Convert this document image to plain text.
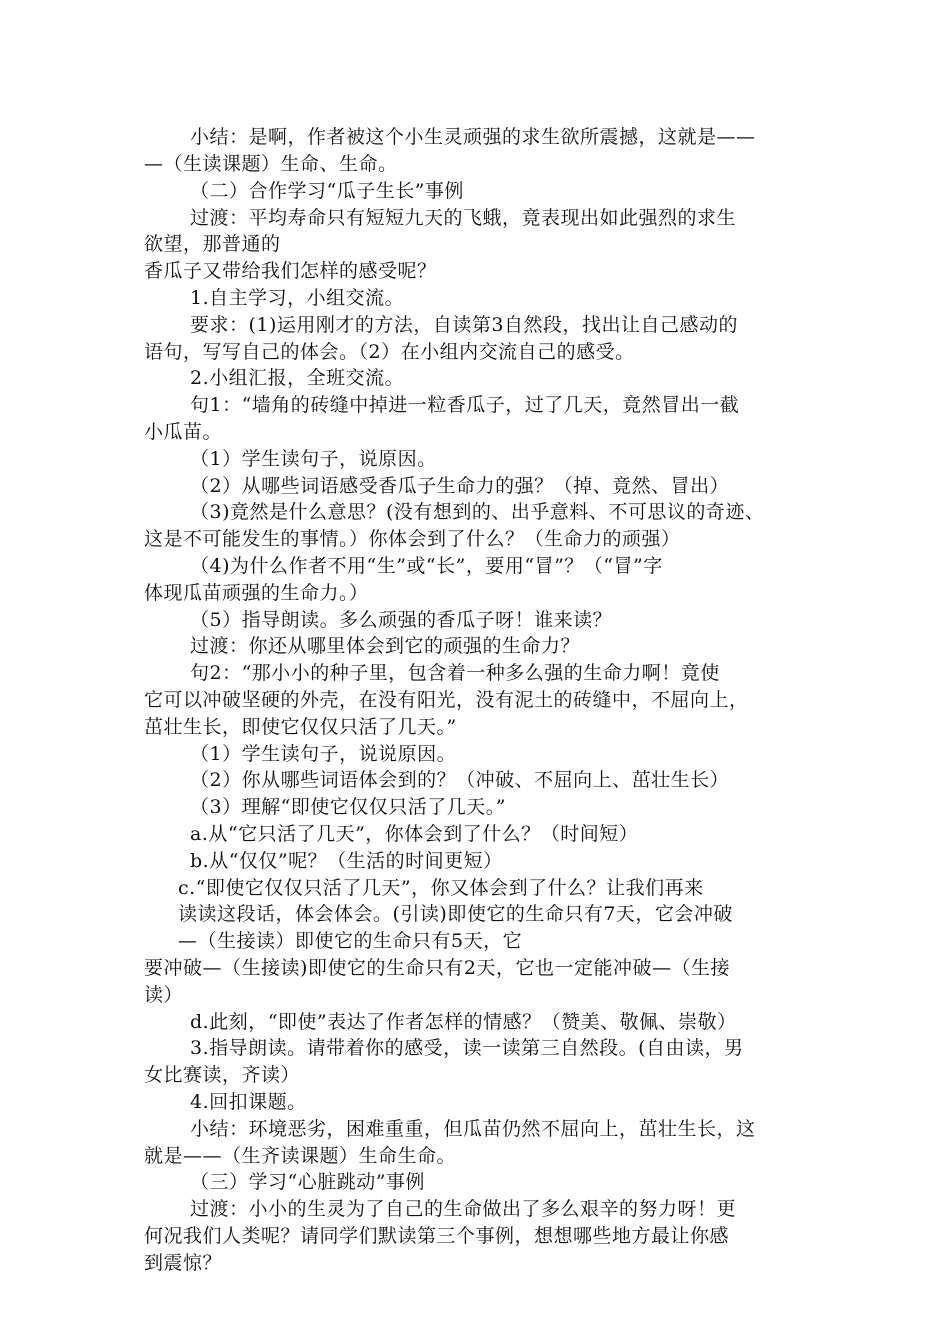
小结：是啊，作者被这个小生灵顽强的求生欲所震撼，这就是——
—（生读课题）生命、生命。
（二）合作学习“瓜子生长”事例
过渡：平均寿命只有短短九天的飞蛾，竟表现出如此强烈的求生
欲望，那普通的
香瓜子又带给我们怎样的感受呢？
1.自主学习，小组交流。
要求：(1)运用刚才的方法，自读第3自然段，找出让自己感动的
语句，写写自己的体会。（2）在小组内交流自己的感受。
2.小组汇报，全班交流。
句1：“墙角的砖缝中掉进一粒香瓜子，过了几天，竟然冒出一截
小瓜苗。
（1）学生读句子，说原因。
（2）从哪些词语感受香瓜子生命力的强？（掉、竟然、冒出）
（3)竟然是什么意思？(没有想到的、出乎意料、不可思议的奇迹、
这是不可能发生的事情。）你体会到了什么？（生命力的顽强）
（4)为什么作者不用“生”或“长”，要用“冒”？（“冒”字
体现瓜苗顽强的生命力。）
（5）指导朗读。多么顽强的香瓜子呀！谁来读？
过渡：你还从哪里体会到它的顽强的生命力？
句2：“那小小的种子里，包含着一种多么强的生命力啊！竟使
它可以冲破坚硬的外壳，在没有阳光，没有泥土的砖缝中，不屈向上，
茁壮生长，即使它仅仅只活了几天。”
（1）学生读句子，说说原因。
（2）你从哪些词语体会到的？（冲破、不屈向上、茁壮生长）
（3）理解“即使它仅仅只活了几天。”
a.从“它只活了几天”，你体会到了什么？（时间短）
b.从“仅仅”呢？（生活的时间更短）
c.“即使它仅仅只活了几天”，你又体会到了什么？让我们再来
读读这段话，体会体会。(引读)即使它的生命只有7天，它会冲破
—（生接读）即使它的生命只有5天，它
要冲破—（生接读)即使它的生命只有2天，它也一定能冲破—（生接
读）
d.此刻，“即使”表达了作者怎样的情感？（赞美、敬佩、崇敬）
3.指导朗读。请带着你的感受，读一读第三自然段。(自由读，男
女比赛读，齐读）
4.回扣课题。
小结：环境恶劣，困难重重，但瓜苗仍然不屈向上，茁壮生长，这
就是——（生齐读课题）生命生命。
（三）学习“心脏跳动”事例
过渡：小小的生灵为了自己的生命做出了多么艰辛的努力呀！更
何况我们人类呢？请同学们默读第三个事例，想想哪些地方最让你感
到震惊？
